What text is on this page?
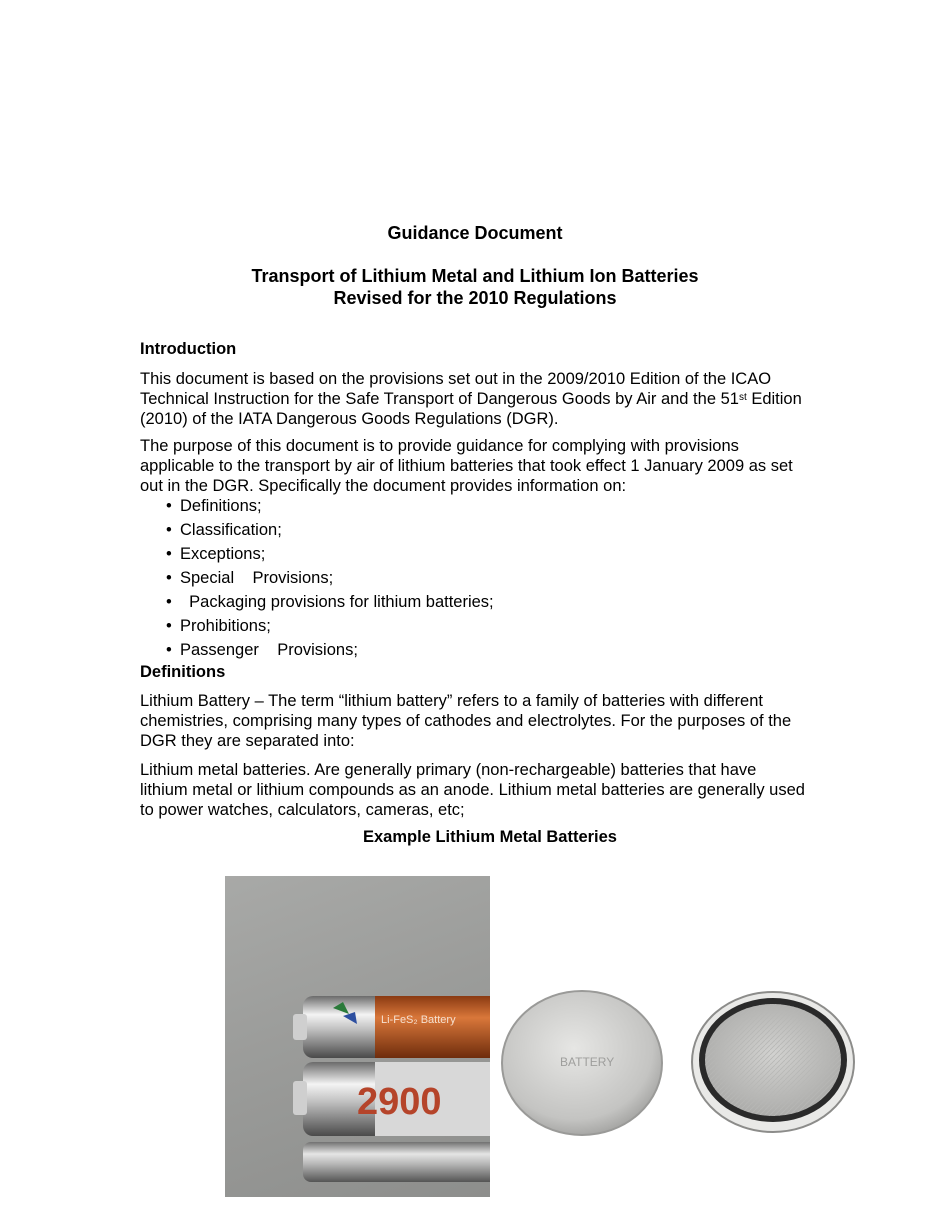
Guidance Document
Transport of Lithium Metal and Lithium Ion Batteries
Revised for the 2010 Regulations
Introduction
This document is based on the provisions set out in the 2009/2010 Edition of the ICAO Technical Instruction for the Safe Transport of Dangerous Goods by Air and the 51st Edition (2010) of the IATA Dangerous Goods Regulations (DGR).
The purpose of this document is to provide guidance for complying with provisions applicable to the transport by air of lithium batteries that took effect 1 January 2009 as set out in the DGR. Specifically the document provides information on:
• Definitions;
• Classification;
• Exceptions;
• Special    Provisions;
•  Packaging provisions for lithium batteries;
• Prohibitions;
• Passenger    Provisions;
Definitions
Lithium Battery – The term “lithium battery” refers to a family of batteries with different chemistries, comprising many types of cathodes and electrolytes. For the purposes of the DGR they are separated into:
Lithium metal batteries. Are generally primary (non-rechargeable) batteries that have lithium metal or lithium compounds as an anode. Lithium metal batteries are generally used to power watches, calculators, cameras, etc;
Example Lithium Metal Batteries
Li-FeS₂ Battery
2900
BATTERY
